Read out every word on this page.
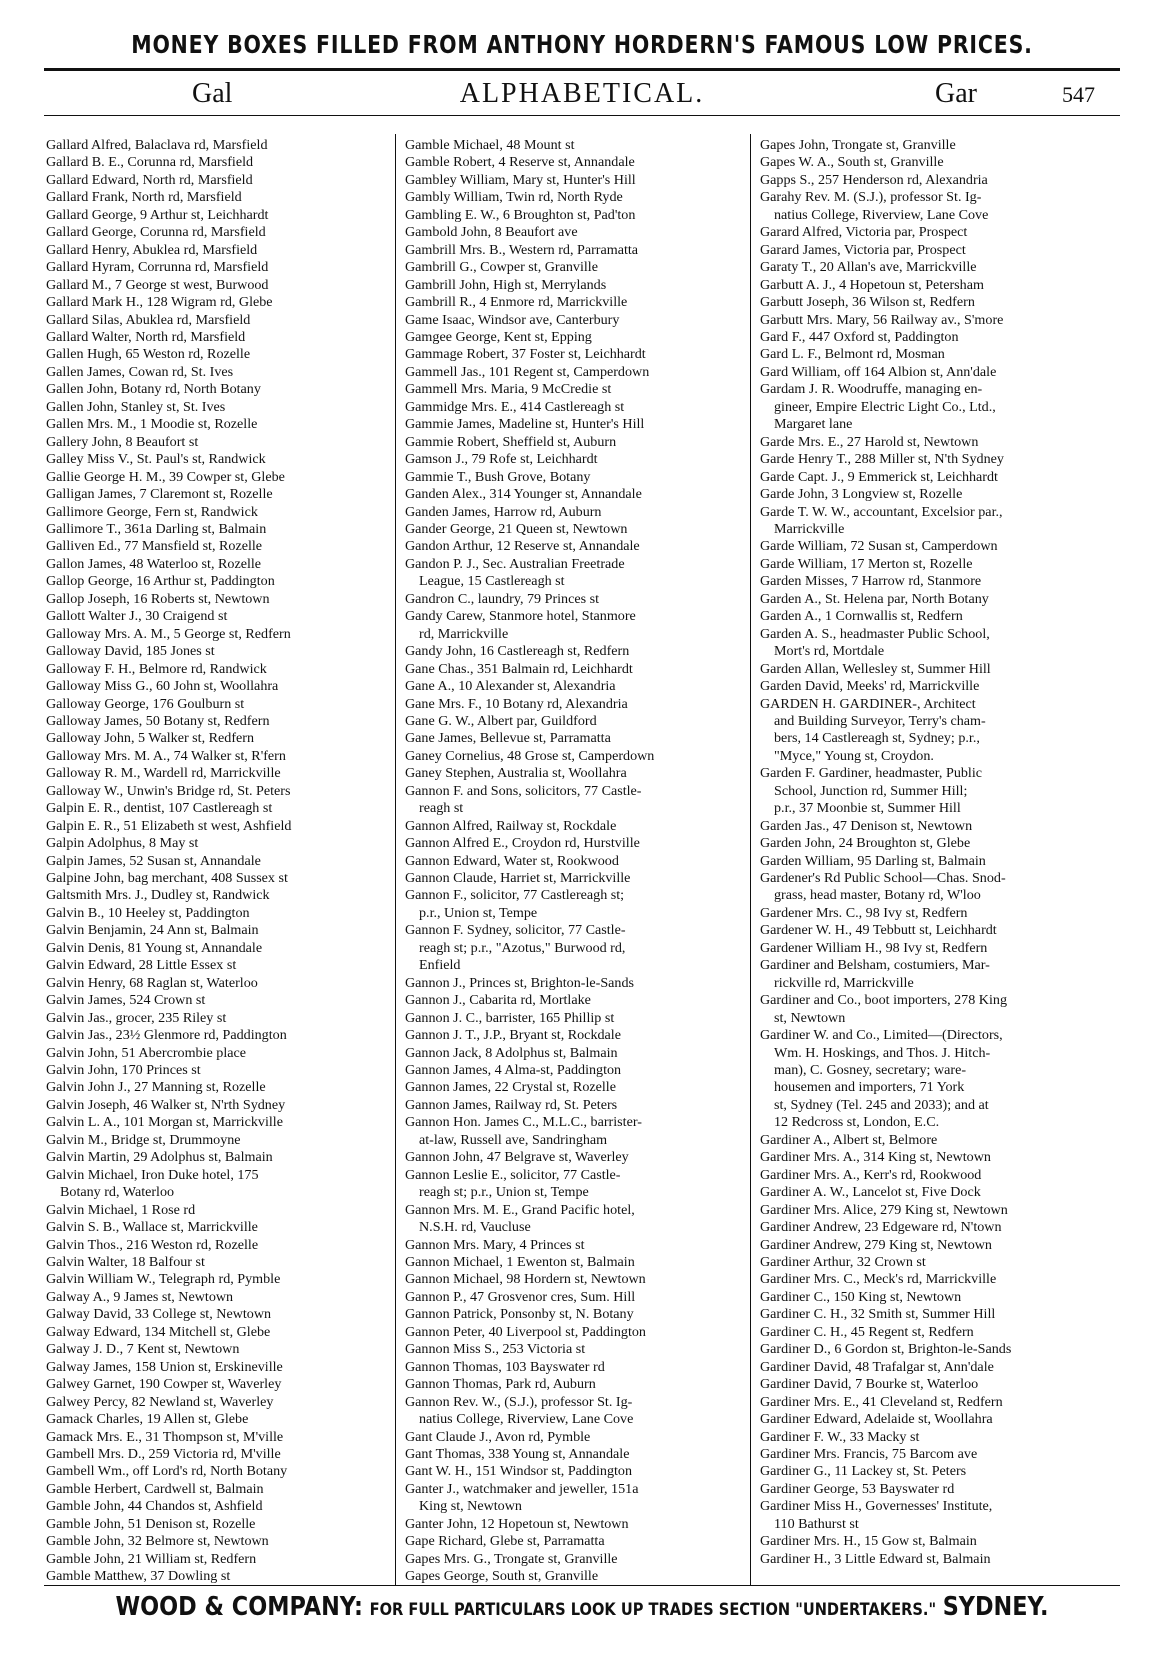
MONEY BOXES FILLED FROM ANTHONY HORDERN'S FAMOUS LOW PRICES.
Gal	ALPHABETICAL.	Gar	547
Gallard Alfred, Balaclava rd, Marsfield
Gallard B. E., Corunna rd, Marsfield
Gallard Edward, North rd, Marsfield
Gallard Frank, North rd, Marsfield
Gallard George, 9 Arthur st, Leichhardt
Gallard George, Corunna rd, Marsfield
Gallard Henry, Abuklea rd, Marsfield
Gallard Hyram, Corrunna rd, Marsfield
Gallard M., 7 George st west, Burwood
Gallard Mark H., 128 Wigram rd, Glebe
Gallard Silas, Abuklea rd, Marsfield
Gallard Walter, North rd, Marsfield
Gallen Hugh, 65 Weston rd, Rozelle
Gallen James, Cowan rd, St. Ives
Gallen John, Botany rd, North Botany
Gallen John, Stanley st, St. Ives
Gallen Mrs. M., 1 Moodie st, Rozelle
Gallery John, 8 Beaufort st
Galley Miss V., St. Paul's st, Randwick
Gallie George H. M., 39 Cowper st, Glebe
Galligan James, 7 Claremont st, Rozelle
Gallimore George, Fern st, Randwick
Gallimore T., 361a Darling st, Balmain
Galliven Ed., 77 Mansfield st, Rozelle
Gallon James, 48 Waterloo st, Rozelle
Gallop George, 16 Arthur st, Paddington
Gallop Joseph, 16 Roberts st, Newtown
Gallott Walter J., 30 Craigend st
Galloway Mrs. A. M., 5 George st, Redfern
Galloway David, 185 Jones st
Galloway F. H., Belmore rd, Randwick
Galloway Miss G., 60 John st, Woollahra
Galloway George, 176 Goulburn st
Galloway James, 50 Botany st, Redfern
Galloway John, 5 Walker st, Redfern
Galloway Mrs. M. A., 74 Walker st, R'fern
Galloway R. M., Wardell rd, Marrickville
Galloway W., Unwin's Bridge rd, St. Peters
Galpin E. R., dentist, 107 Castlereagh st
Galpin E. R., 51 Elizabeth st west, Ashfield
Galpin Adolphus, 8 May st
Galpin James, 52 Susan st, Annandale
Galpine John, bag merchant, 408 Sussex st
Galtsmith Mrs. J., Dudley st, Randwick
Galvin B., 10 Heeley st, Paddington
Galvin Benjamin, 24 Ann st, Balmain
Galvin Denis, 81 Young st, Annandale
Galvin Edward, 28 Little Essex st
Galvin Henry, 68 Raglan st, Waterloo
Galvin James, 524 Crown st
Galvin Jas., grocer, 235 Riley st
Galvin Jas., 23½ Glenmore rd, Paddington
Galvin John, 51 Abercrombie place
Galvin John, 170 Princes st
Galvin John J., 27 Manning st, Rozelle
Galvin Joseph, 46 Walker st, N'rth Sydney
Galvin L. A., 101 Morgan st, Marrickville
Galvin M., Bridge st, Drummoyne
Galvin Martin, 29 Adolphus st, Balmain
Galvin Michael, Iron Duke hotel, 175
Botany rd, Waterloo
Galvin Michael, 1 Rose rd
Galvin S. B., Wallace st, Marrickville
Galvin Thos., 216 Weston rd, Rozelle
Galvin Walter, 18 Balfour st
Galvin William W., Telegraph rd, Pymble
Galway A., 9 James st, Newtown
Galway David, 33 College st, Newtown
Galway Edward, 134 Mitchell st, Glebe
Galway J. D., 7 Kent st, Newtown
Galway James, 158 Union st, Erskineville
Galwey Garnet, 190 Cowper st, Waverley
Galwey Percy, 82 Newland st, Waverley
Gamack Charles, 19 Allen st, Glebe
Gamack Mrs. E., 31 Thompson st, M'ville
Gambell Mrs. D., 259 Victoria rd, M'ville
Gambell Wm., off Lord's rd, North Botany
Gamble Herbert, Cardwell st, Balmain
Gamble John, 44 Chandos st, Ashfield
Gamble John, 51 Denison st, Rozelle
Gamble John, 32 Belmore st, Newtown
Gamble John, 21 William st, Redfern
Gamble Matthew, 37 Dowling st
Gamble Michael, 48 Mount st
Gamble Robert, 4 Reserve st, Annandale
Gambley William, Mary st, Hunter's Hill
Gambly William, Twin rd, North Ryde
Gambling E. W., 6 Broughton st, Pad'ton
Gambold John, 8 Beaufort ave
Gambrill Mrs. B., Western rd, Parramatta
Gambrill G., Cowper st, Granville
Gambrill John, High st, Merrylands
Gambrill R., 4 Enmore rd, Marrickville
Game Isaac, Windsor ave, Canterbury
Gamgee George, Kent st, Epping
Gammage Robert, 37 Foster st, Leichhardt
Gammell Jas., 101 Regent st, Camperdown
Gammell Mrs. Maria, 9 McCredie st
Gammidge Mrs. E., 414 Castlereagh st
Gammie James, Madeline st, Hunter's Hill
Gammie Robert, Sheffield st, Auburn
Gamson J., 79 Rofe st, Leichhardt
Gammie T., Bush Grove, Botany
Ganden Alex., 314 Younger st, Annandale
Ganden James, Harrow rd, Auburn
Gander George, 21 Queen st, Newtown
Gandon Arthur, 12 Reserve st, Annandale
Gandon P. J., Sec. Australian Freetrade
League, 15 Castlereagh st
Gandron C., laundry, 79 Princes st
Gandy Carew, Stanmore hotel, Stanmore
rd, Marrickville
Gandy John, 16 Castlereagh st, Redfern
Gane Chas., 351 Balmain rd, Leichhardt
Gane A., 10 Alexander st, Alexandria
Gane Mrs. F., 10 Botany rd, Alexandria
Gane G. W., Albert par, Guildford
Gane James, Bellevue st, Parramatta
Ganey Cornelius, 48 Grose st, Camperdown
Ganey Stephen, Australia st, Woollahra
Gannon F. and Sons, solicitors, 77 Castle-
reagh st
Gannon Alfred, Railway st, Rockdale
Gannon Alfred E., Croydon rd, Hurstville
Gannon Edward, Water st, Rookwood
Gannon Claude, Harriet st, Marrickville
Gannon F., solicitor, 77 Castlereagh st;
p.r., Union st, Tempe
Gannon F. Sydney, solicitor, 77 Castle-
reagh st; p.r., "Azotus," Burwood rd,
Enfield
Gannon J., Princes st, Brighton-le-Sands
Gannon J., Cabarita rd, Mortlake
Gannon J. C., barrister, 165 Phillip st
Gannon J. T., J.P., Bryant st, Rockdale
Gannon Jack, 8 Adolphus st, Balmain
Gannon James, 4 Alma-st, Paddington
Gannon James, 22 Crystal st, Rozelle
Gannon James, Railway rd, St. Peters
Gannon Hon. James C., M.L.C., barrister-
at-law, Russell ave, Sandringham
Gannon John, 47 Belgrave st, Waverley
Gannon Leslie E., solicitor, 77 Castle-
reagh st; p.r., Union st, Tempe
Gannon Mrs. M. E., Grand Pacific hotel,
N.S.H. rd, Vaucluse
Gannon Mrs. Mary, 4 Princes st
Gannon Michael, 1 Ewenton st, Balmain
Gannon Michael, 98 Hordern st, Newtown
Gannon P., 47 Grosvenor cres, Sum. Hill
Gannon Patrick, Ponsonby st, N. Botany
Gannon Peter, 40 Liverpool st, Paddington
Gannon Miss S., 253 Victoria st
Gannon Thomas, 103 Bayswater rd
Gannon Thomas, Park rd, Auburn
Gannon Rev. W., (S.J.), professor St. Ig-
natius College, Riverview, Lane Cove
Gant Claude J., Avon rd, Pymble
Gant Thomas, 338 Young st, Annandale
Gant W. H., 151 Windsor st, Paddington
Ganter J., watchmaker and jeweller, 151a
King st, Newtown
Ganter John, 12 Hopetoun st, Newtown
Gape Richard, Glebe st, Parramatta
Gapes Mrs. G., Trongate st, Granville
Gapes George, South st, Granville
Gapes John, Trongate st, Granville
Gapes W. A., South st, Granville
Gapps S., 257 Henderson rd, Alexandria
Garahy Rev. M. (S.J.), professor St. Ig-
natius College, Riverview, Lane Cove
Garard Alfred, Victoria par, Prospect
Garard James, Victoria par, Prospect
Garaty T., 20 Allan's ave, Marrickville
Garbutt A. J., 4 Hopetoun st, Petersham
Garbutt Joseph, 36 Wilson st, Redfern
Garbutt Mrs. Mary, 56 Railway av., S'more
Gard F., 447 Oxford st, Paddington
Gard L. F., Belmont rd, Mosman
Gard William, off 164 Albion st, Ann'dale
Gardam J. R. Woodruffe, managing en-
gineer, Empire Electric Light Co., Ltd.,
Margaret lane
Garde Mrs. E., 27 Harold st, Newtown
Garde Henry T., 288 Miller st, N'th Sydney
Garde Capt. J., 9 Emmerick st, Leichhardt
Garde John, 3 Longview st, Rozelle
Garde T. W. W., accountant, Excelsior par.,
Marrickville
Garde William, 72 Susan st, Camperdown
Garde William, 17 Merton st, Rozelle
Garden Misses, 7 Harrow rd, Stanmore
Garden A., St. Helena par, North Botany
Garden A., 1 Cornwallis st, Redfern
Garden A. S., headmaster Public School,
Mort's rd, Mortdale
Garden Allan, Wellesley st, Summer Hill
Garden David, Meeks' rd, Marrickville
GARDEN H. GARDINER-, Architect
and Building Surveyor, Terry's cham-
bers, 14 Castlereagh st, Sydney; p.r.,
"Myce," Young st, Croydon.
Garden F. Gardiner, headmaster, Public
School, Junction rd, Summer Hill;
p.r., 37 Moonbie st, Summer Hill
Garden Jas., 47 Denison st, Newtown
Garden John, 24 Broughton st, Glebe
Garden William, 95 Darling st, Balmain
Gardener's Rd Public School—Chas. Snod-
grass, head master, Botany rd, W'loo
Gardener Mrs. C., 98 Ivy st, Redfern
Gardener W. H., 49 Tebbutt st, Leichhardt
Gardener William H., 98 Ivy st, Redfern
Gardiner and Belsham, costumiers, Mar-
rickville rd, Marrickville
Gardiner and Co., boot importers, 278 King
st, Newtown
Gardiner W. and Co., Limited—(Directors,
Wm. H. Hoskings, and Thos. J. Hitch-
man), C. Gosney, secretary; ware-
housemen and importers, 71 York
st, Sydney (Tel. 245 and 2033); and at
12 Redcross st, London, E.C.
Gardiner A., Albert st, Belmore
Gardiner Mrs. A., 314 King st, Newtown
Gardiner Mrs. A., Kerr's rd, Rookwood
Gardiner A. W., Lancelot st, Five Dock
Gardiner Mrs. Alice, 279 King st, Newtown
Gardiner Andrew, 23 Edgeware rd, N'town
Gardiner Andrew, 279 King st, Newtown
Gardiner Arthur, 32 Crown st
Gardiner Mrs. C., Meck's rd, Marrickville
Gardiner C., 150 King st, Newtown
Gardiner C. H., 32 Smith st, Summer Hill
Gardiner C. H., 45 Regent st, Redfern
Gardiner D., 6 Gordon st, Brighton-le-Sands
Gardiner David, 48 Trafalgar st, Ann'dale
Gardiner David, 7 Bourke st, Waterloo
Gardiner Mrs. E., 41 Cleveland st, Redfern
Gardiner Edward, Adelaide st, Woollahra
Gardiner F. W., 33 Macky st
Gardiner Mrs. Francis, 75 Barcom ave
Gardiner G., 11 Lackey st, St. Peters
Gardiner George, 53 Bayswater rd
Gardiner Miss H., Governesses' Institute,
110 Bathurst st
Gardiner Mrs. H., 15 Gow st, Balmain
Gardiner H., 3 Little Edward st, Balmain
WOOD & COMPANY: FOR FULL PARTICULARS LOOK UP TRADES SECTION "UNDERTAKERS." SYDNEY.
